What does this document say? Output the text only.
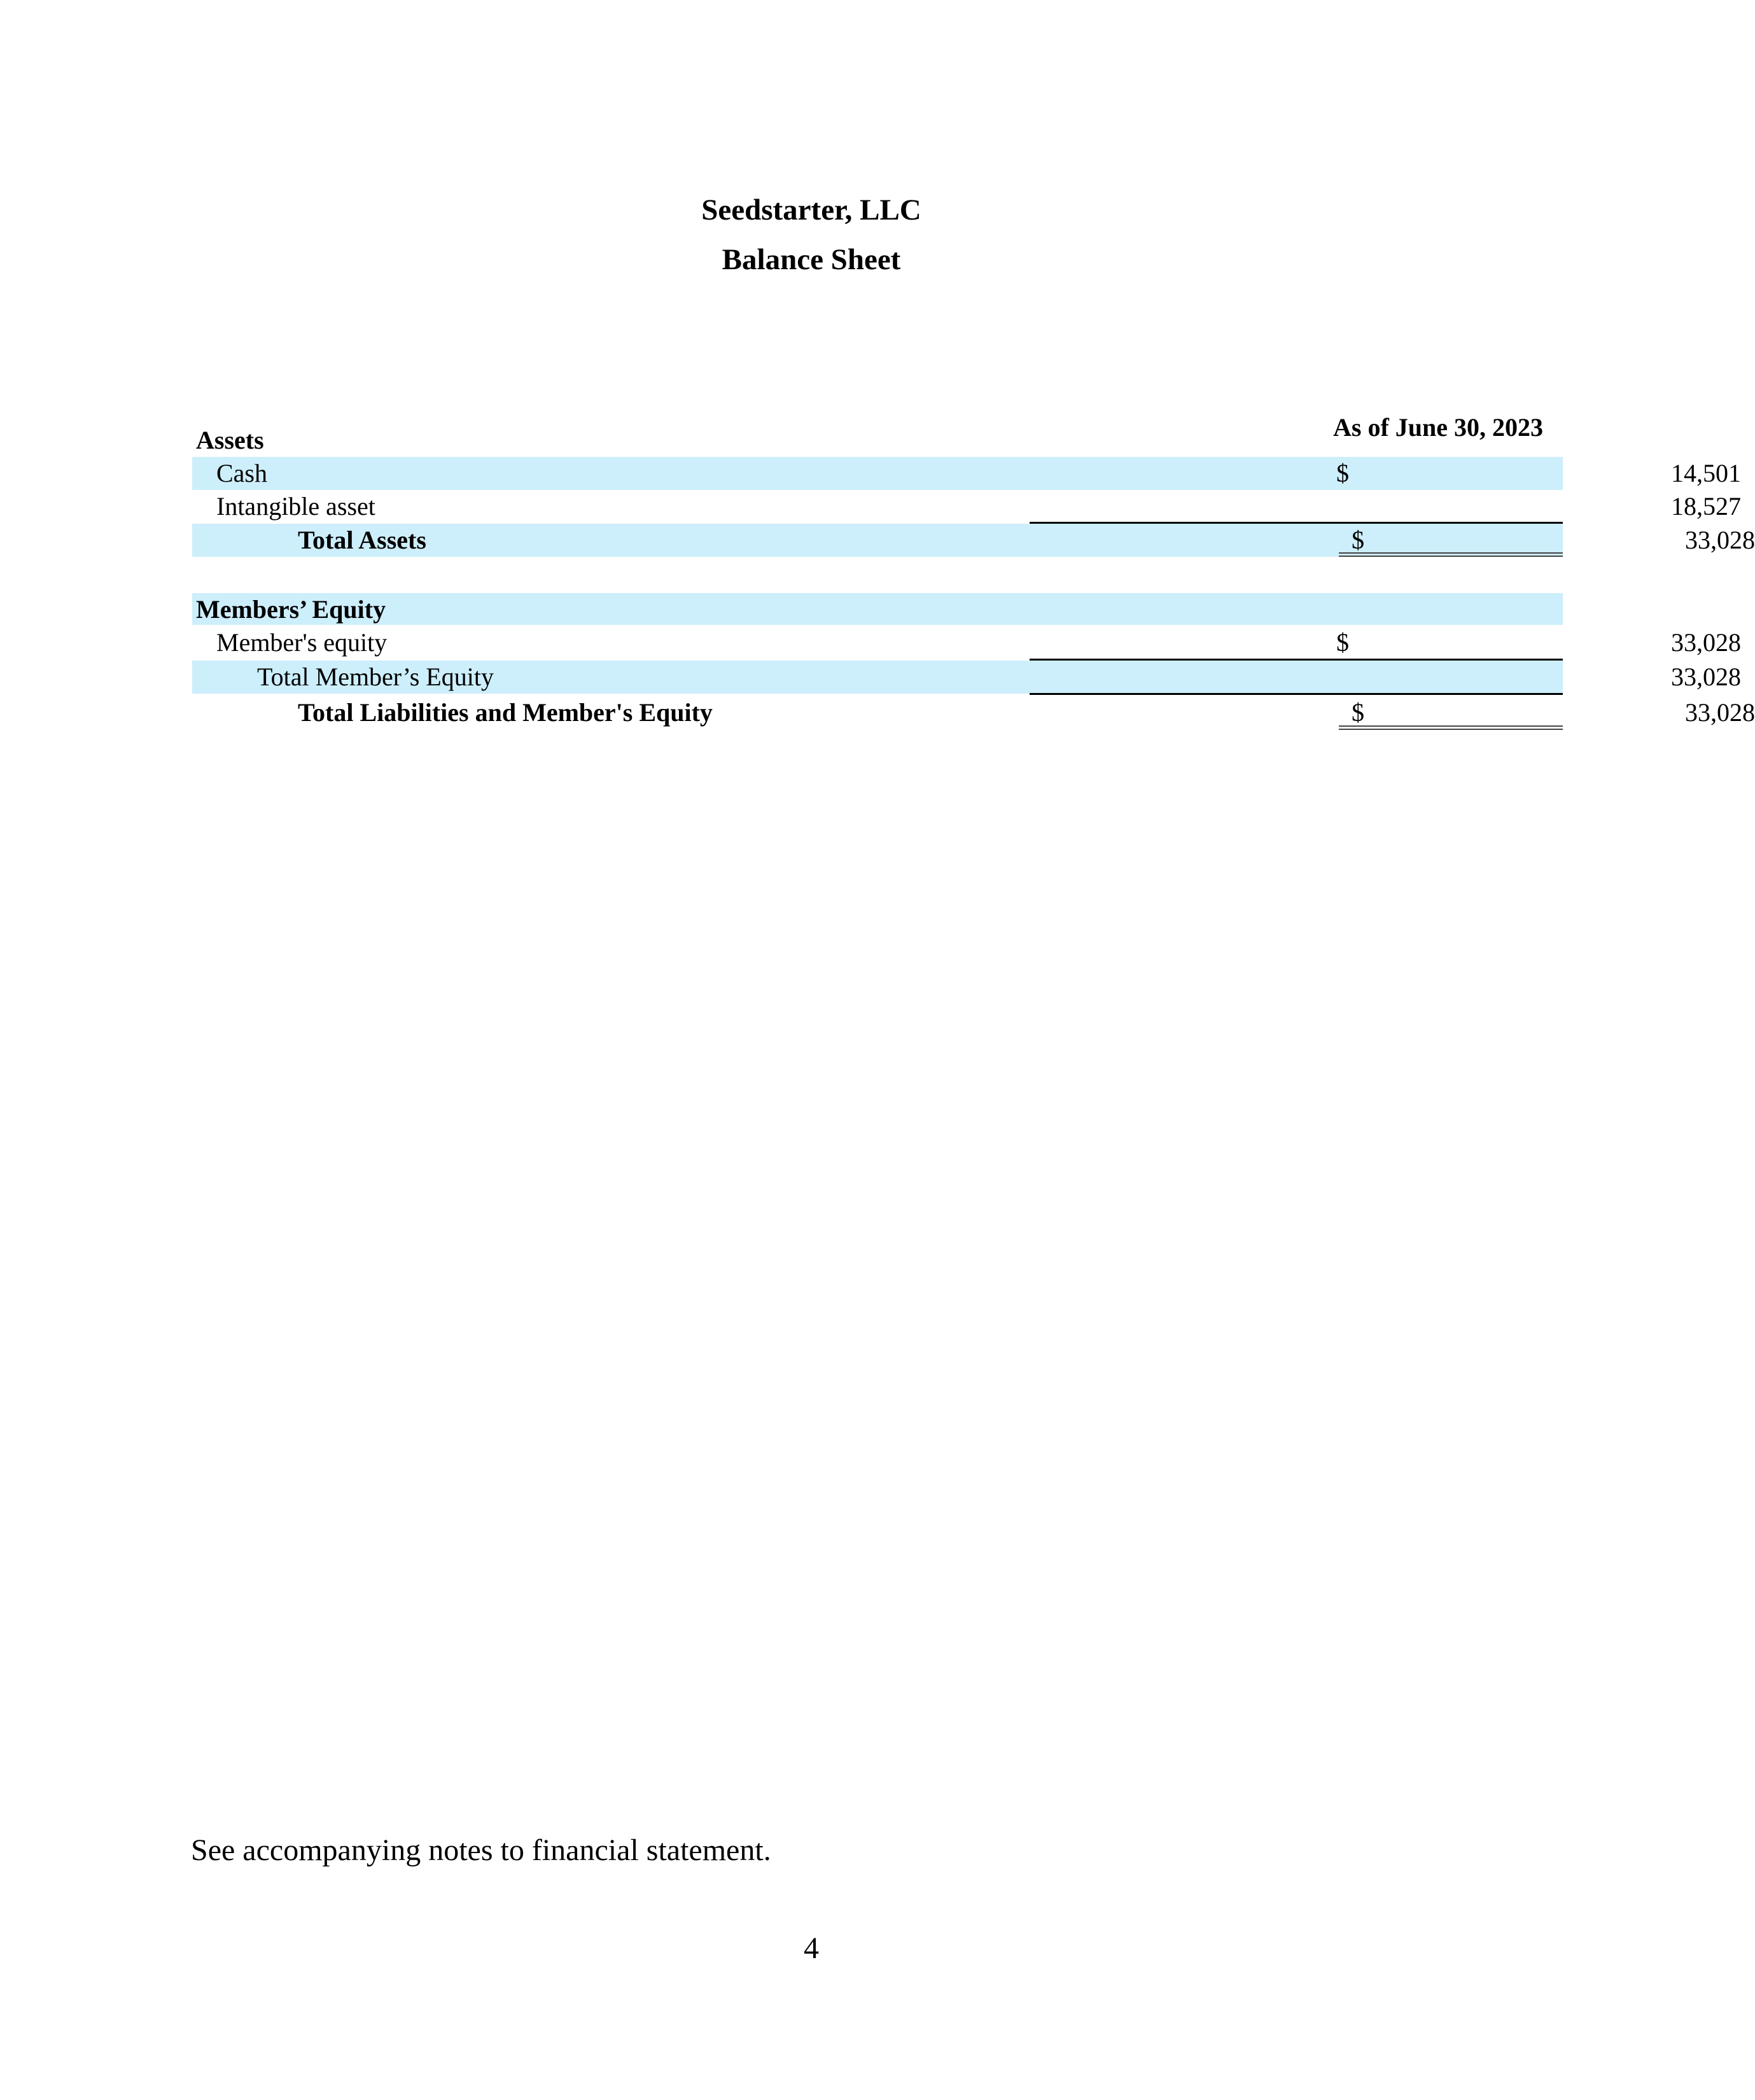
Seedstarter, LLC
Balance Sheet
As of June 30, 2023
Assets
Cash	$	14,501
Intangible asset	18,527
Total Assets	$	33,028
Members’ Equity
Member's equity	$	33,028
Total Member’s Equity	33,028
Total Liabilities and Member's Equity	$	33,028
See accompanying notes to financial statement.
4
